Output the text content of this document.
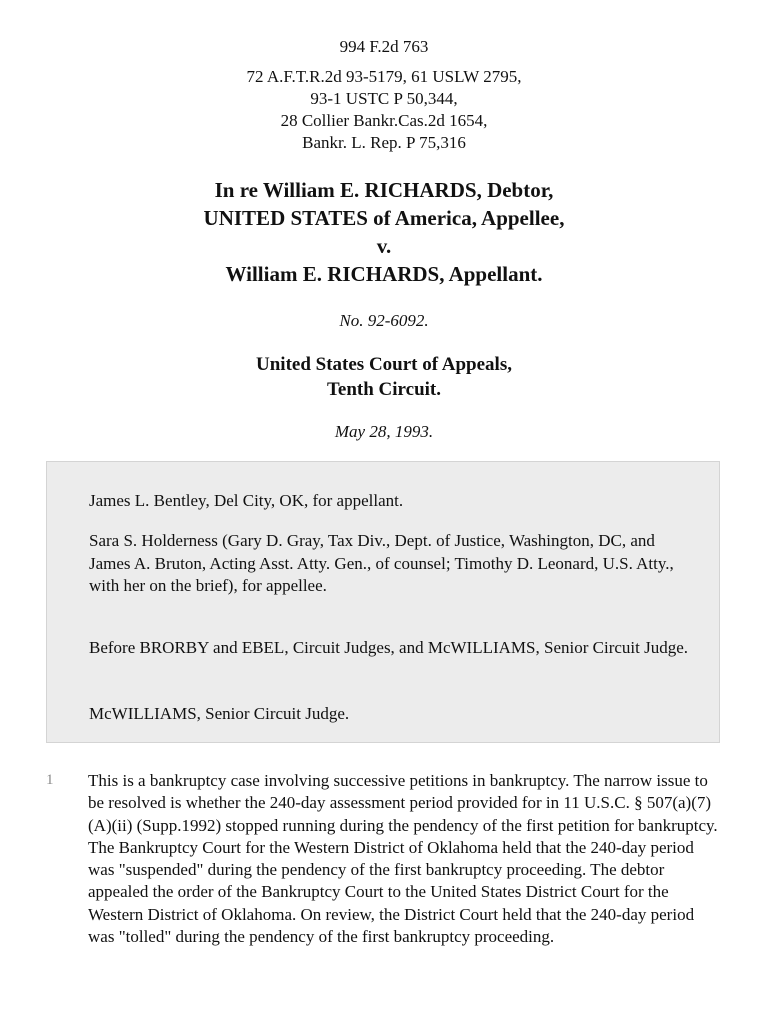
994 F.2d 763
72 A.F.T.R.2d 93-5179, 61 USLW 2795,
93-1 USTC P 50,344,
28 Collier Bankr.Cas.2d 1654,
Bankr. L. Rep. P 75,316
In re William E. RICHARDS, Debtor,
UNITED STATES of America, Appellee,
v.
William E. RICHARDS, Appellant.
No. 92-6092.
United States Court of Appeals,
Tenth Circuit.
May 28, 1993.

James L. Bentley, Del City, OK, for appellant.

Sara S. Holderness (Gary D. Gray, Tax Div., Dept. of Justice, Washington, DC, and James A. Bruton, Acting Asst. Atty. Gen., of counsel; Timothy D. Leonard, U.S. Atty., with her on the brief), for appellee.

Before BRORBY and EBEL, Circuit Judges, and McWILLIAMS, Senior Circuit Judge.

McWILLIAMS, Senior Circuit Judge.

1 This is a bankruptcy case involving successive petitions in bankruptcy. The narrow issue to be resolved is whether the 240-day assessment period provided for in 11 U.S.C. § 507(a)(7)(A)(ii) (Supp.1992) stopped running during the pendency of the first petition for bankruptcy. The Bankruptcy Court for the Western District of Oklahoma held that the 240-day period was "suspended" during the pendency of the first bankruptcy proceeding. The debtor appealed the order of the Bankruptcy Court to the United States District Court for the Western District of Oklahoma. On review, the District Court held that the 240-day period was "tolled" during the pendency of the first bankruptcy proceeding.
